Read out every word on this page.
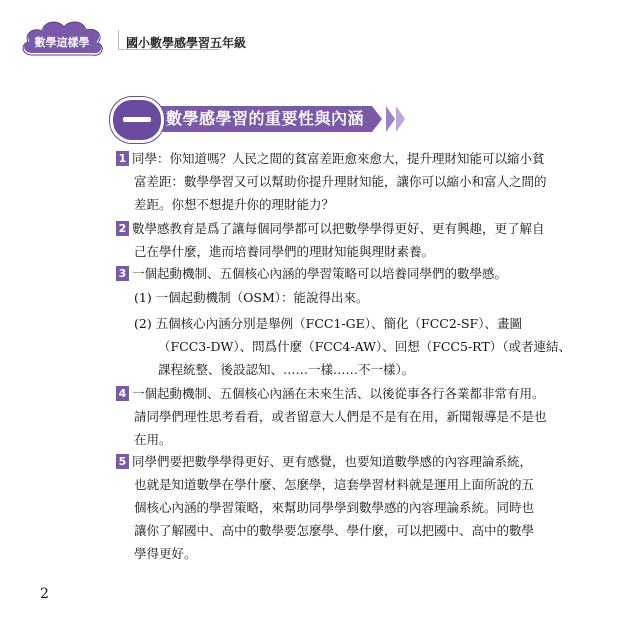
數學這樣學	國小數學感學習五年級
數學感學習的重要性與內涵
1 同學：你知道嗎？人民之間的貧富差距愈來愈大，提升理財知能可以縮小貧
富差距：數學學習又可以幫助你提升理財知能，讓你可以縮小和富人之間的
差距。你想不想提升你的理財能力？
2 數學感教育是爲了讓每個同學都可以把數學學得更好、更有興趣，更了解自
己在學什麼，進而培養同學們的理財知能與理財素養。
3 一個起動機制、五個核心內涵的學習策略可以培養同學們的數學感。
(1) 一個起動機制（OSM）：能說得出來。
(2) 五個核心內涵分別是舉例（FCC1-GE）、簡化（FCC2-SF）、畫圖
（FCC3-DW）、問爲什麼（FCC4-AW）、回想（FCC5-RT）（或者連結、
課程統整、後設認知、……一樣……不一樣）。
4 一個起動機制、五個核心內涵在未來生活、以後從事各行各業都非常有用。
請同學們理性思考看看，或者留意大人們是不是有在用，新聞報導是不是也
在用。
5 同學們要把數學學得更好、更有感覺，也要知道數學感的內容理論系統，
也就是知道數學在學什麼、怎麼學，這套學習材料就是運用上面所說的五
個核心內涵的學習策略，來幫助同學學到數學感的內容理論系統。同時也
讓你了解國中、高中的數學要怎麼學、學什麼，可以把國中、高中的數學
學得更好。
2
